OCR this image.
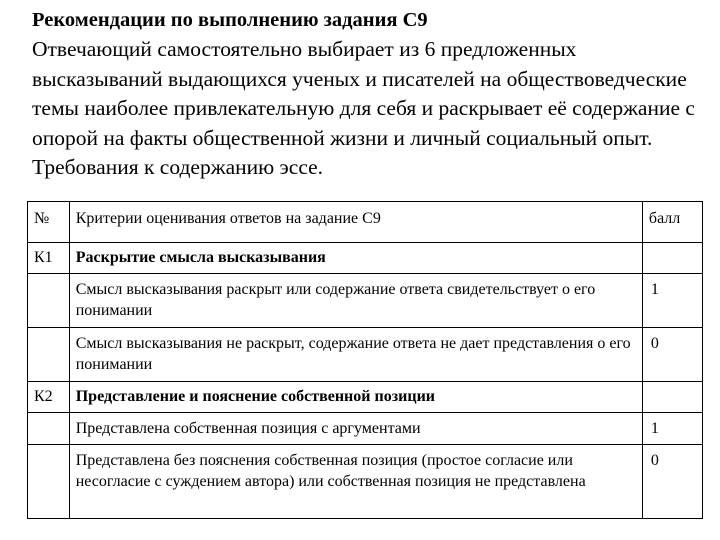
Рекомендации по выполнению задания С9

Отвечающий самостоятельно выбирает из 6 предложенных высказываний выдающихся ученых и писателей на обществоведческие темы наиболее привлекательную для себя и раскрывает её содержание с опорой на факты общественной жизни и личный социальный опыт. Требования к содержанию эссе.

№	Критерии оценивания ответов на задание С9	балл
К1	Раскрытие смысла высказывания	
	Смысл высказывания раскрыт или содержание ответа свидетельствует о его понимании	1
	Смысл высказывания не раскрыт, содержание ответа не дает представления о его понимании	0
К2	Представление и пояснение собственной позиции	
	Представлена собственная позиция с аргументами	1
	Представлена без пояснения собственная позиция (простое согласие или несогласие с суждением автора) или собственная позиция не представлена	0
